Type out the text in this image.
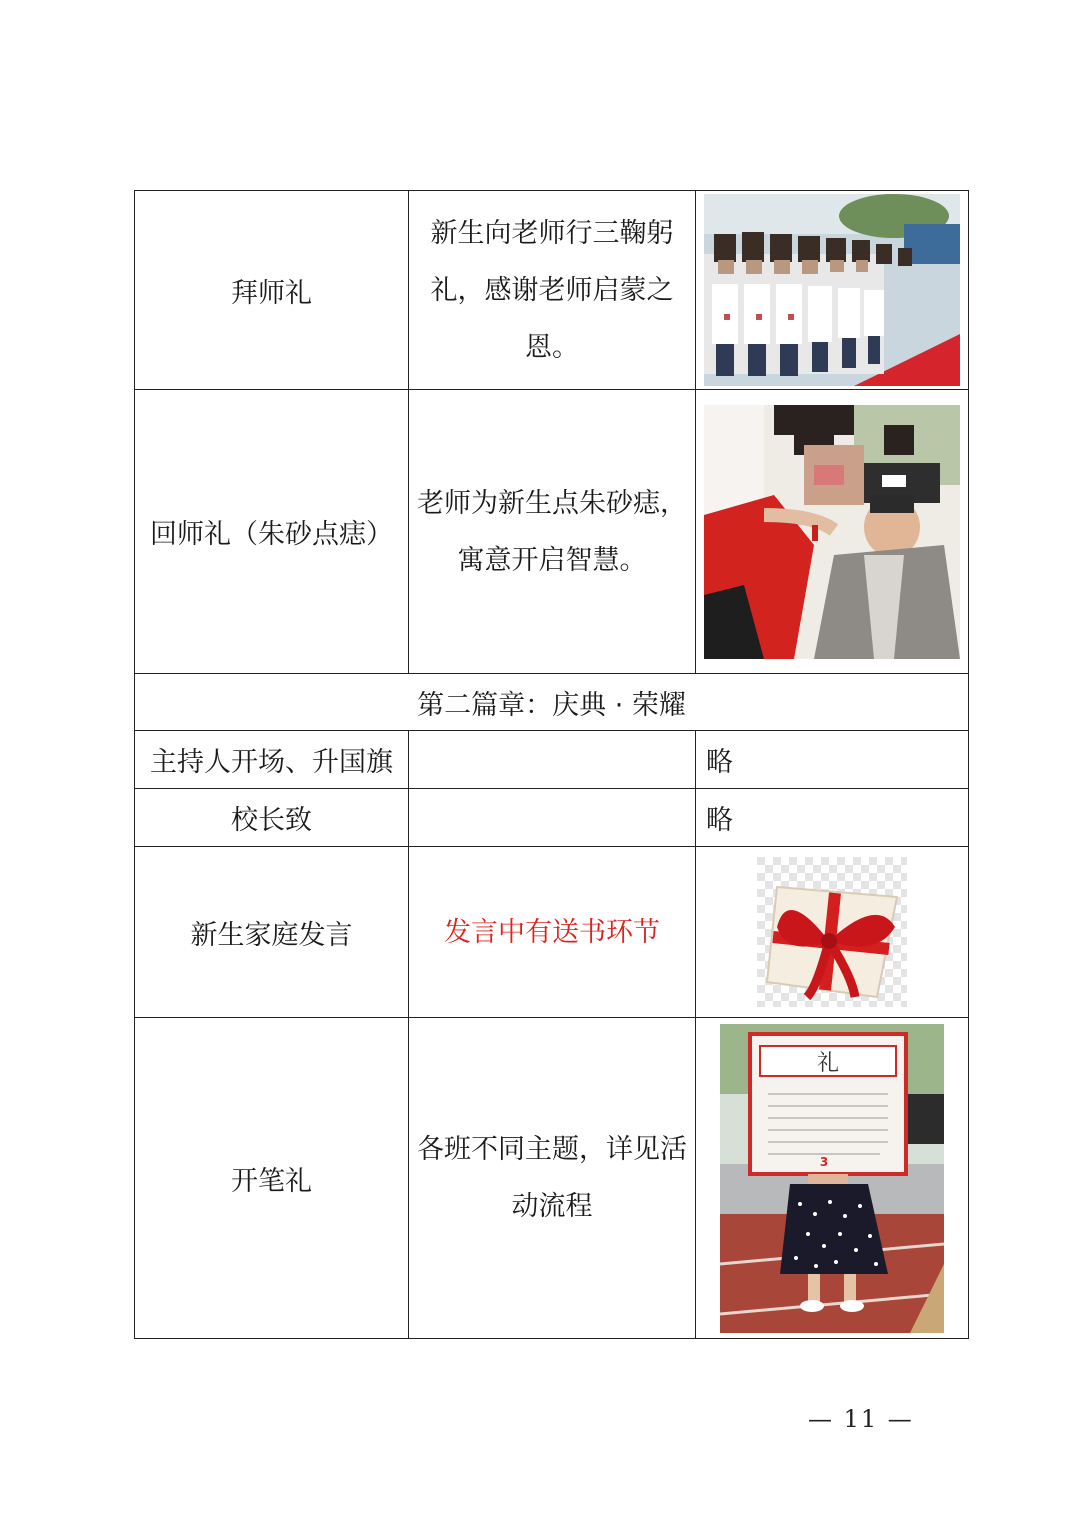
拜师礼	新生向老师行三鞠躬礼，感谢老师启蒙之恩。	

回师礼（朱砂点痣）	老师为新生点朱砂痣，寓意开启智慧。	

第二篇章：庆典 · 荣耀		
主持人开场、升国旗		略
校长致		略
新生家庭发言	发言中有送书环节	

开笔礼	各班不同主题，详见活动流程	礼
3
— 11 —
